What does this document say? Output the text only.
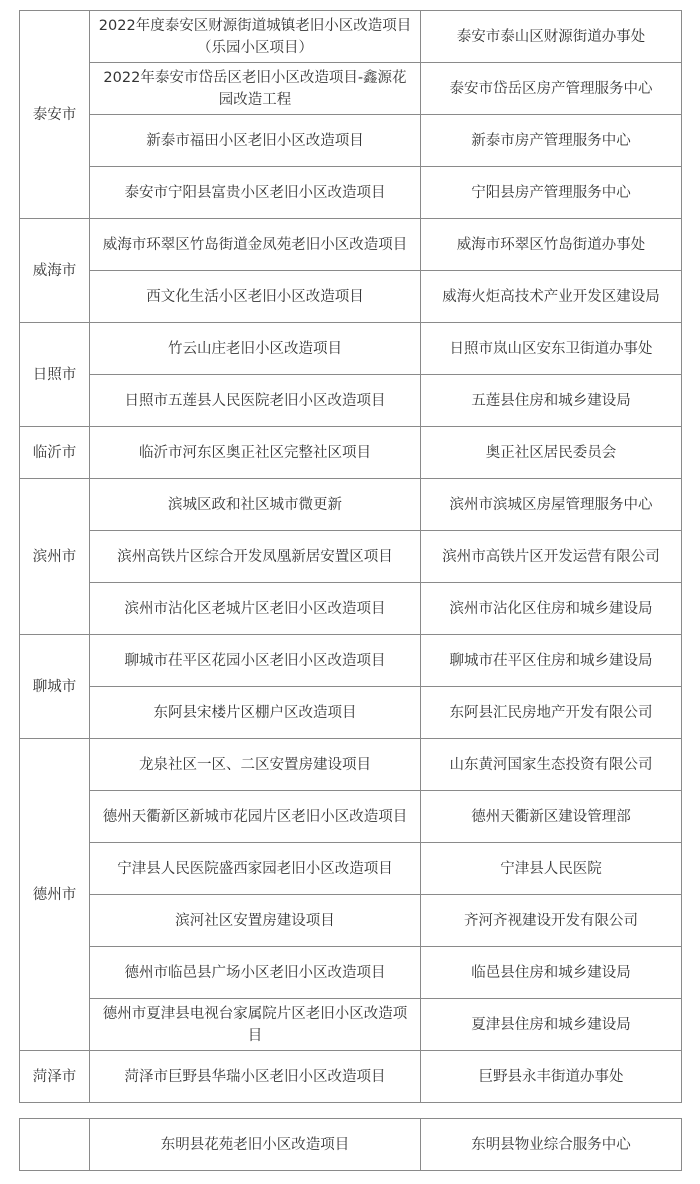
泰安市	2022年度泰安区财源街道城镇老旧小区改造项目（乐园小区项目）	泰安市泰山区财源街道办事处
	2022年泰安市岱岳区老旧小区改造项目-鑫源花园改造工程	泰安市岱岳区房产管理服务中心
	新泰市福田小区老旧小区改造项目	新泰市房产管理服务中心
	泰安市宁阳县富贵小区老旧小区改造项目	宁阳县房产管理服务中心
威海市	威海市环翠区竹岛街道金凤苑老旧小区改造项目	威海市环翠区竹岛街道办事处
	西文化生活小区老旧小区改造项目	威海火炬高技术产业开发区建设局
日照市	竹云山庄老旧小区改造项目	日照市岚山区安东卫街道办事处
	日照市五莲县人民医院老旧小区改造项目	五莲县住房和城乡建设局
临沂市	临沂市河东区奥正社区完整社区项目	奥正社区居民委员会
滨州市	滨城区政和社区城市微更新	滨州市滨城区房屋管理服务中心
	滨州高铁片区综合开发凤凰新居安置区项目	滨州市高铁片区开发运营有限公司
	滨州市沾化区老城片区老旧小区改造项目	滨州市沾化区住房和城乡建设局
聊城市	聊城市茌平区花园小区老旧小区改造项目	聊城市茌平区住房和城乡建设局
	东阿县宋楼片区棚户区改造项目	东阿县汇民房地产开发有限公司
德州市	龙泉社区一区、二区安置房建设项目	山东黄河国家生态投资有限公司
	德州天衢新区新城市花园片区老旧小区改造项目	德州天衢新区建设管理部
	宁津县人民医院盛西家园老旧小区改造项目	宁津县人民医院
	滨河社区安置房建设项目	齐河齐视建设开发有限公司
	德州市临邑县广场小区老旧小区改造项目	临邑县住房和城乡建设局
	德州市夏津县电视台家属院片区老旧小区改造项目	夏津县住房和城乡建设局
菏泽市	菏泽市巨野县华瑞小区老旧小区改造项目	巨野县永丰街道办事处
	东明县花苑老旧小区改造项目	东明县物业综合服务中心
